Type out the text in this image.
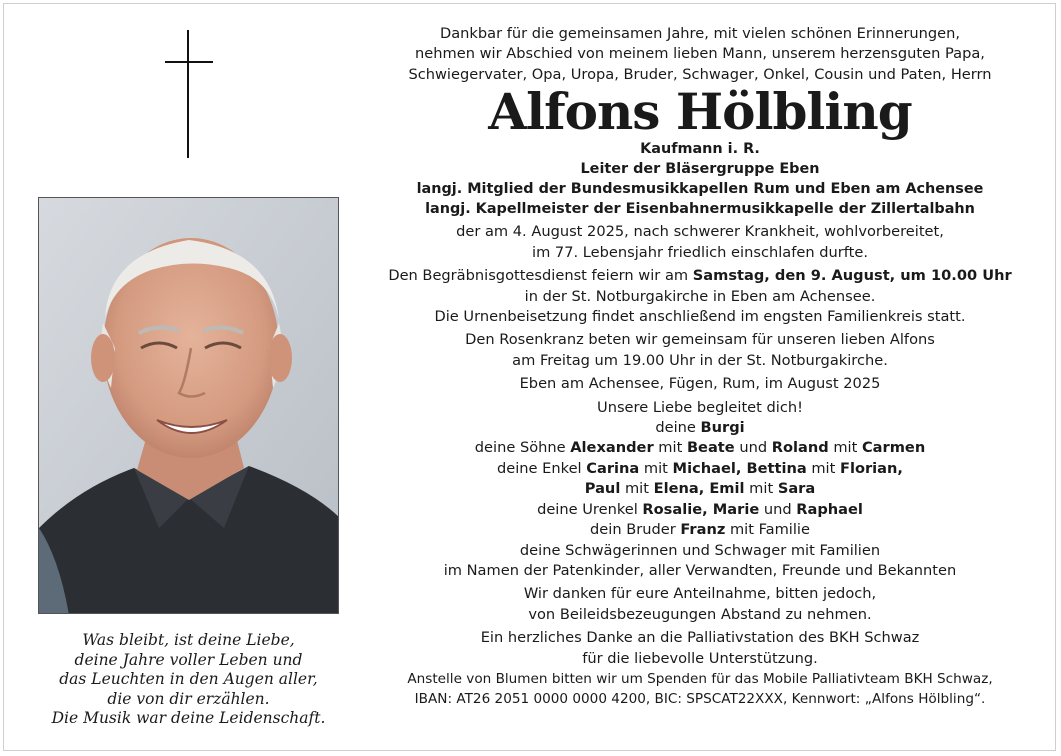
Was bleibt, ist deine Liebe,
deine Jahre voller Leben und
das Leuchten in den Augen aller,
die von dir erzählen.
Die Musik war deine Leidenschaft.
Dankbar für die gemeinsamen Jahre, mit vielen schönen Erinnerungen,
nehmen wir Abschied von meinem lieben Mann, unserem herzensguten Papa,
Schwiegervater, Opa, Uropa, Bruder, Schwager, Onkel, Cousin und Paten, Herrn
Alfons Hölbling
Kaufmann i. R.
Leiter der Bläsergruppe Eben
langj. Mitglied der Bundesmusikkapellen Rum und Eben am Achensee
langj. Kapellmeister der Eisenbahnermusikkapelle der Zillertalbahn
der am 4. August 2025, nach schwerer Krankheit, wohlvorbereitet,
im 77. Lebensjahr friedlich einschlafen durfte.
Den Begräbnisgottesdienst feiern wir am Samstag, den 9. August, um 10.00 Uhr
in der St. Notburgakirche in Eben am Achensee.
Die Urnenbeisetzung findet anschließend im engsten Familienkreis statt.
Den Rosenkranz beten wir gemeinsam für unseren lieben Alfons
am Freitag um 19.00 Uhr in der St. Notburgakirche.
Eben am Achensee, Fügen, Rum, im August 2025
Unsere Liebe begleitet dich!
deine Burgi
deine Söhne Alexander mit Beate und Roland mit Carmen
deine Enkel Carina mit Michael, Bettina mit Florian,
Paul mit Elena, Emil mit Sara
deine Urenkel Rosalie, Marie und Raphael
dein Bruder Franz mit Familie
deine Schwägerinnen und Schwager mit Familien
im Namen der Patenkinder, aller Verwandten, Freunde und Bekannten
Wir danken für eure Anteilnahme, bitten jedoch,
von Beileidsbezeugungen Abstand zu nehmen.
Ein herzliches Danke an die Palliativstation des BKH Schwaz
für die liebevolle Unterstützung.
Anstelle von Blumen bitten wir um Spenden für das Mobile Palliativteam BKH Schwaz,
IBAN: AT26 2051 0000 0000 4200, BIC: SPSCAT22XXX, Kennwort: „Alfons Hölbling“.
